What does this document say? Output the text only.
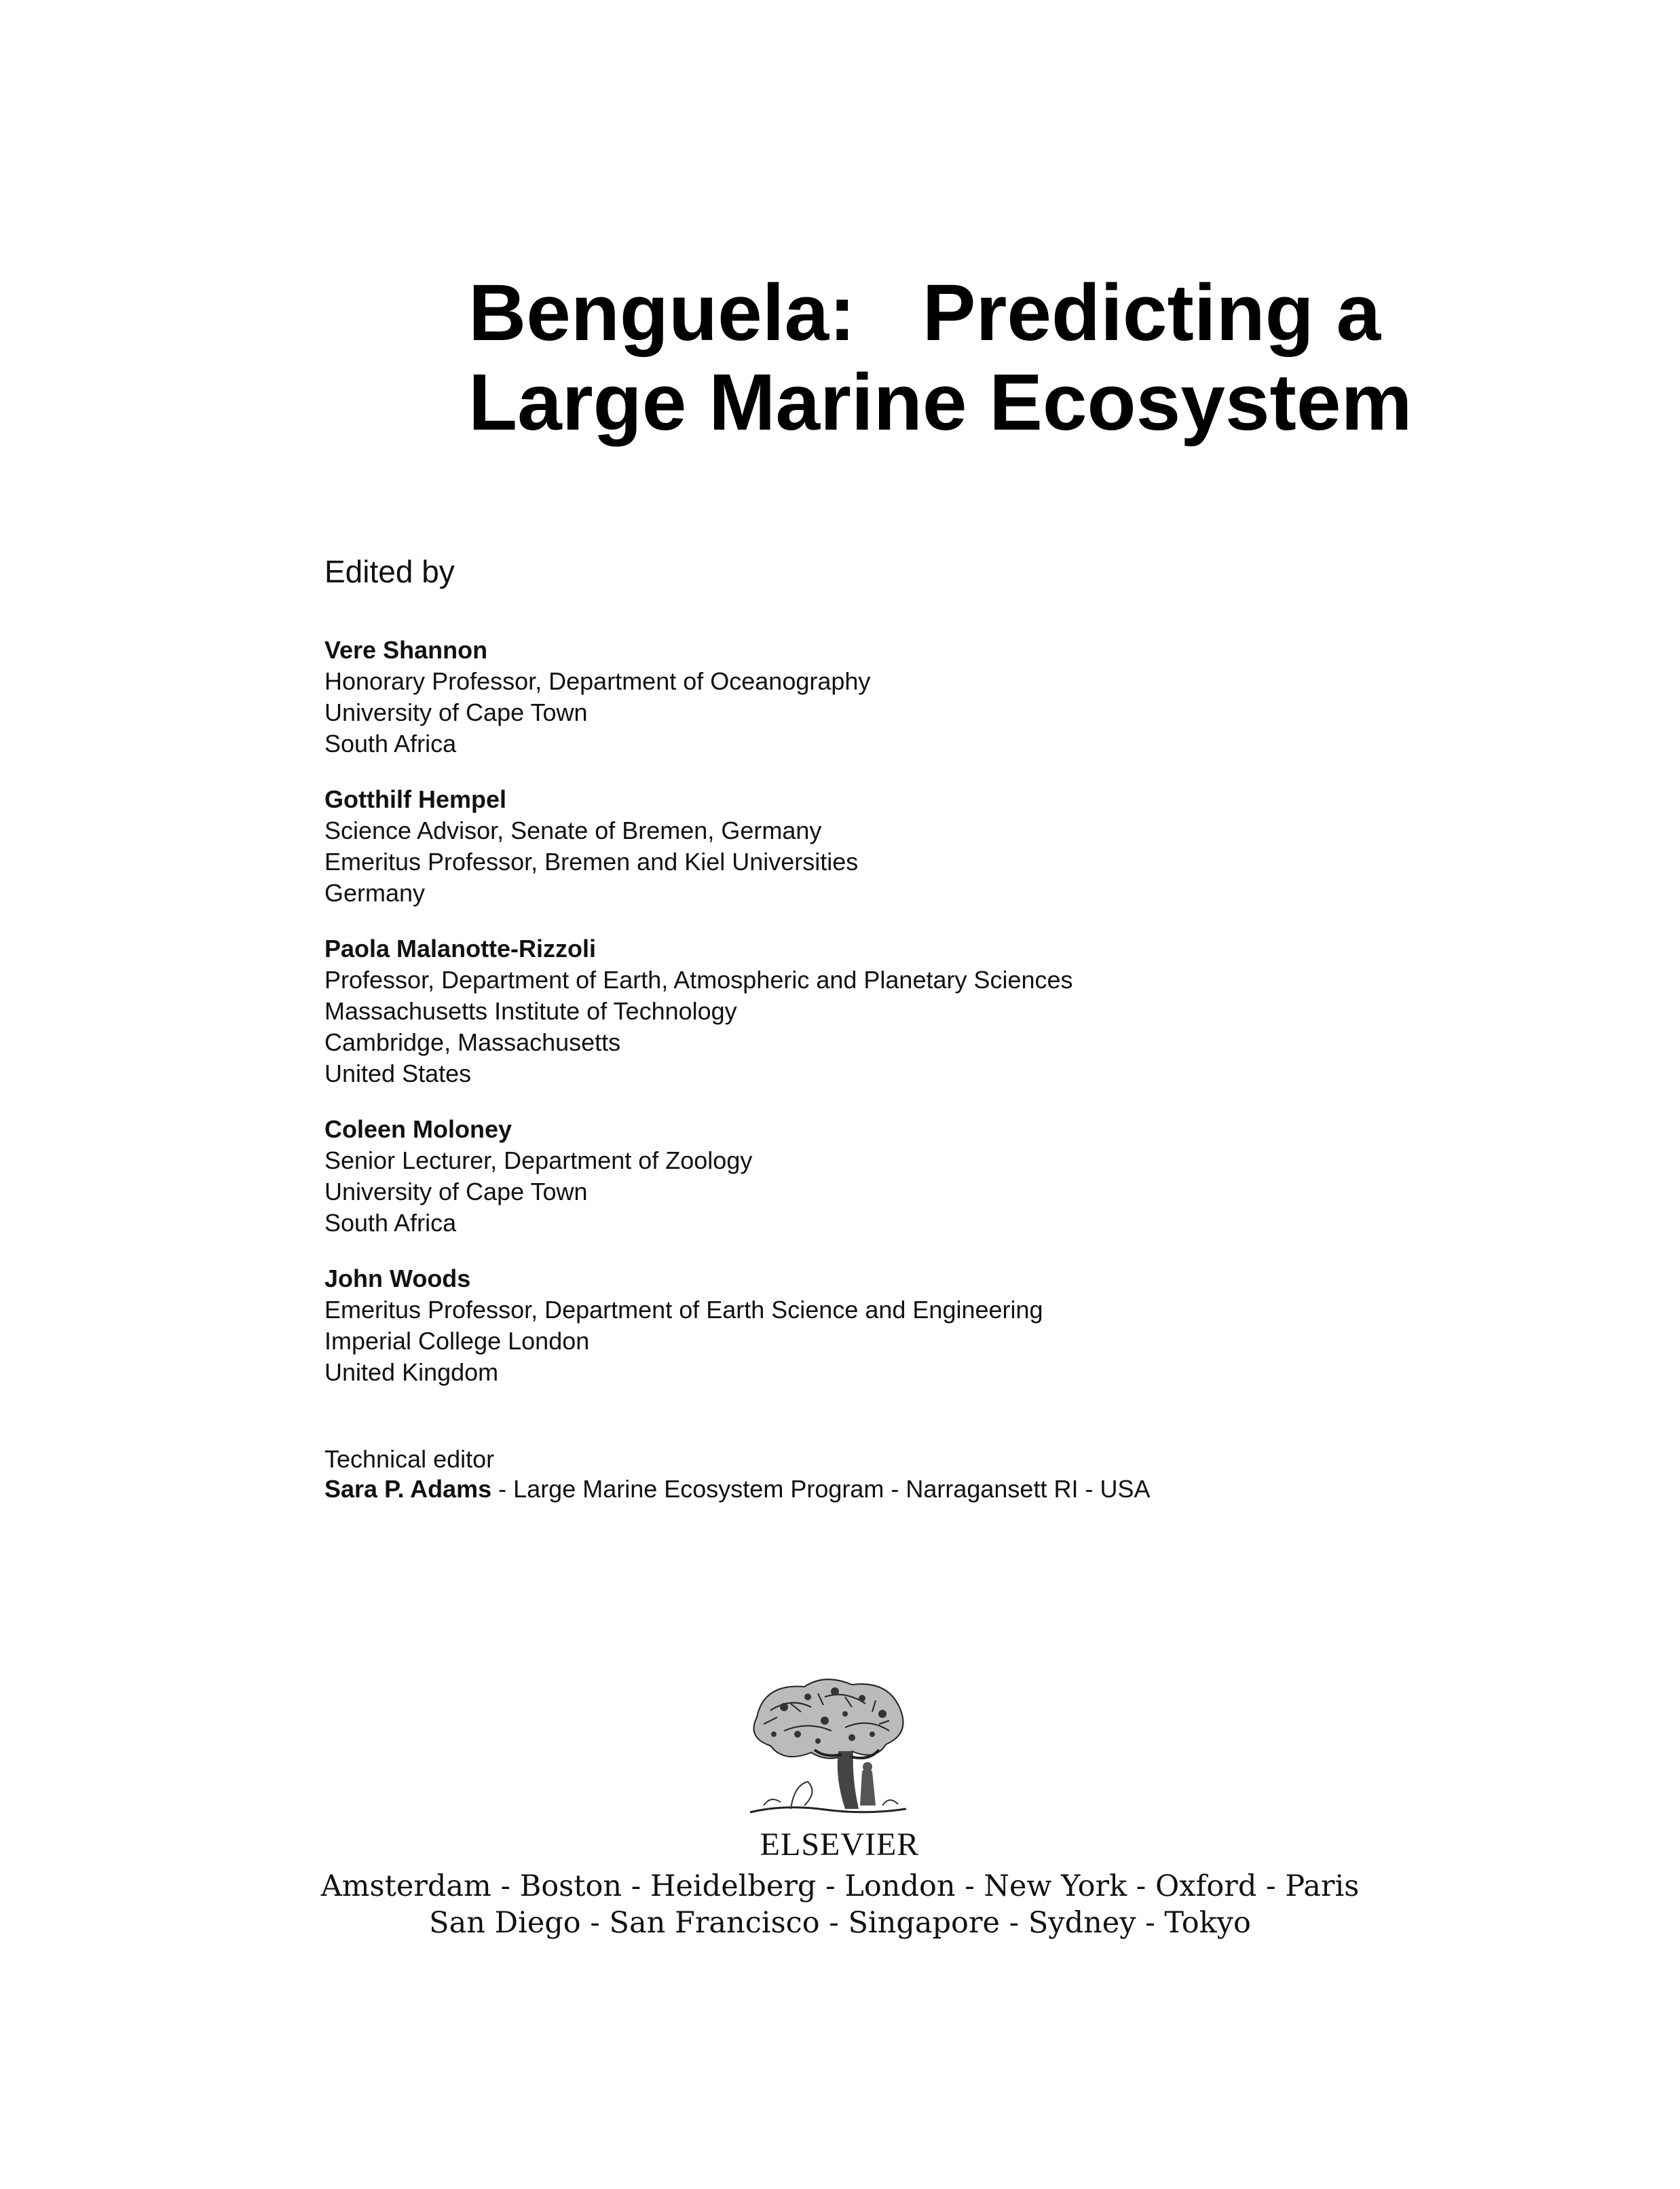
Benguela:   Predicting a
Large Marine Ecosystem

Edited by

Vere Shannon
Honorary Professor, Department of Oceanography
University of Cape Town
South Africa
Gotthilf Hempel
Science Advisor, Senate of Bremen, Germany
Emeritus Professor, Bremen and Kiel Universities
Germany
Paola Malanotte-Rizzoli
Professor, Department of Earth, Atmospheric and Planetary Sciences
Massachusetts Institute of Technology
Cambridge, Massachusetts
United States
Coleen Moloney
Senior Lecturer, Department of Zoology
University of Cape Town
South Africa
John Woods
Emeritus Professor, Department of Earth Science and Engineering
Imperial College London
United Kingdom
Technical editor
Sara P. Adams - Large Marine Ecosystem Program - Narragansett RI - USA
ELSEVIER
Amsterdam - Boston - Heidelberg - London - New York - Oxford - Paris
San Diego - San Francisco - Singapore - Sydney - Tokyo
